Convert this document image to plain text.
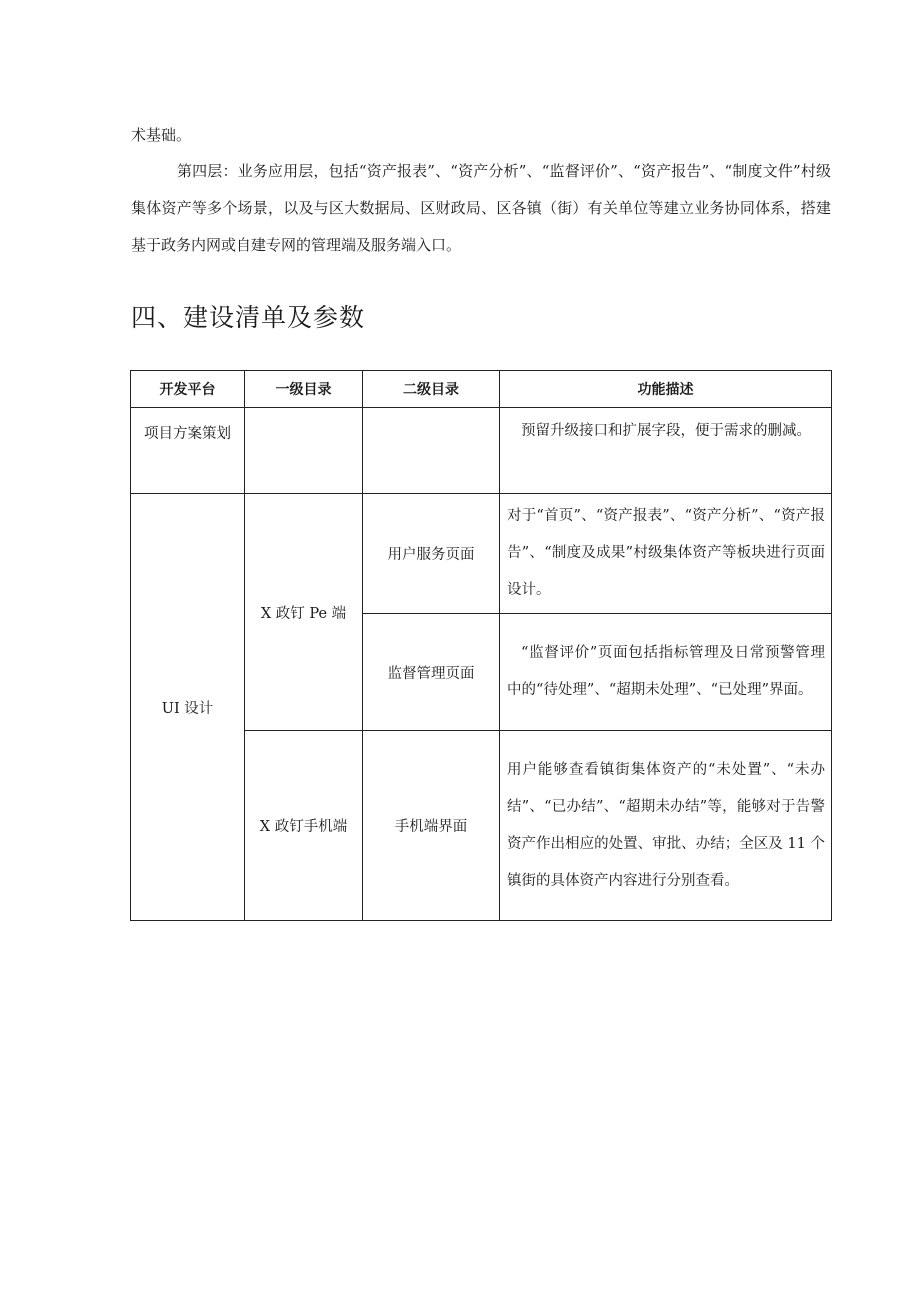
术基础。

第四层：业务应用层，包括“资产报表”、“资产分析”、“监督评价”、“资产报告”、“制度文件”村级集体资产等多个场景，以及与区大数据局、区财政局、区各镇（街）有关单位等建立业务协同体系，搭建基于政务内网或自建专网的管理端及服务端入口。

四、建设清单及参数
开发平台	一级目录	二级目录	功能描述
项目方案策划			预留升级接口和扩展字段，便于需求的删减。
UI 设计	X 政钉 Pe 端	用户服务页面	对于“首页”、“资产报表”、“资产分析”、“资产报告”、“制度及成果”村级集体资产等板块进行页面设计。
		监督管理页面	“监督评价”页面包括指标管理及日常预警管理中的“待处理”、“超期未处理”、“已处理”界面。
	X 政钉手机端	手机端界面	用户能够查看镇街集体资产的“未处置”、“未办结”、“已办结”、“超期未办结”等，能够对于告警资产作出相应的处置、审批、办结；全区及 11 个镇街的具体资产内容进行分别查看。
